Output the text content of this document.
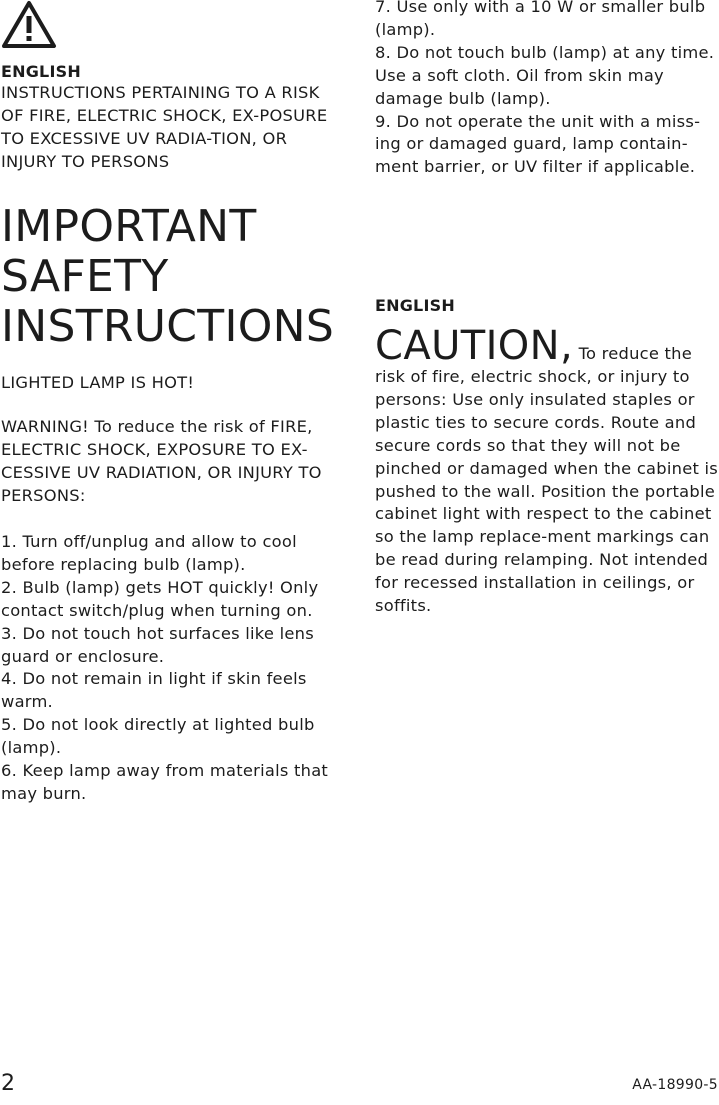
ENGLISH

INSTRUCTIONS PERTAINING TO A RISK OF FIRE, ELECTRIC SHOCK, EX-POSURE TO EXCESSIVE UV RADIA-TION, OR INJURY TO PERSONS

IMPORTANT
SAFETY
INSTRUCTIONS

LIGHTED LAMP IS HOT!

WARNING! To reduce the risk of FIRE, ELECTRIC SHOCK, EXPOSURE TO EX-CESSIVE UV RADIATION, OR INJURY TO PERSONS:

1. Turn off/unplug and allow to cool before replacing bulb (lamp).
2. Bulb (lamp) gets HOT quickly! Only contact switch/plug when turning on.
3. Do not touch hot surfaces like lens guard or enclosure.
4. Do not remain in light if skin feels warm.
5. Do not look directly at lighted bulb (lamp).
6. Keep lamp away from materials that may burn.
7. Use only with a 10 W or smaller bulb (lamp).
8. Do not touch bulb (lamp) at any time. Use a soft cloth. Oil from skin may damage bulb (lamp).
9. Do not operate the unit with a miss-ing or damaged guard, lamp contain-ment barrier, or UV filter if applicable.
ENGLISH

CAUTION, To reduce the risk of fire, electric shock, or injury to persons: Use only insulated staples or plastic ties to secure cords. Route and secure cords so that they will not be pinched or damaged when the cabinet is pushed to the wall. Position the portable cabinet light with respect to the cabinet so the lamp replace-ment markings can be read during relamping. Not intended for recessed installation in ceilings, or soffits.

2	AA-18990-5
